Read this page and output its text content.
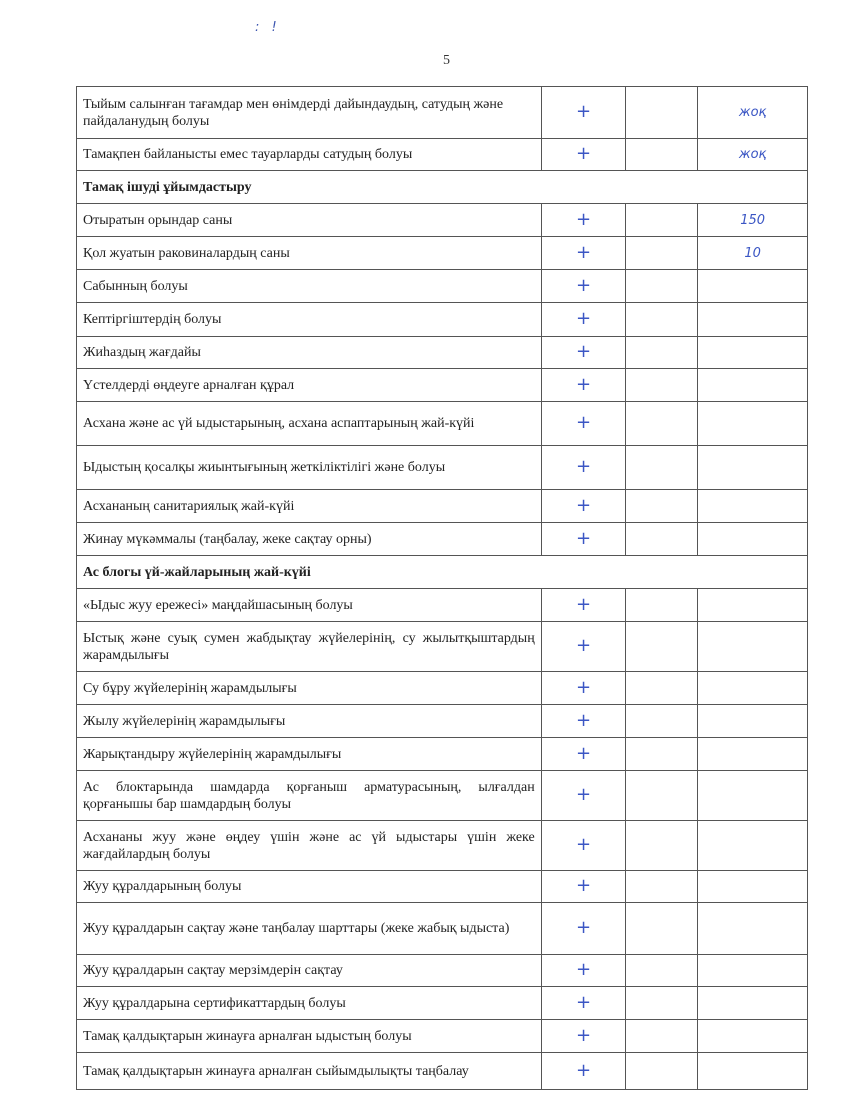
: !
5
Тыйым салынған тағамдар мен өнімдерді дайындаудың, сатудың және пайдаланудың болуы	+		жоқ
Тамақпен байланысты емес тауарларды сатудың болуы	+		жоқ
Тамақ ішуді ұйымдастыру			
Отыратын орындар саны	+		150
Қол жуатын раковиналардың саны	+		10
Сабынның болуы	+		
Кептіргіштердің болуы	+		
Жиһаздың жағдайы	+		
Үстелдерді өңдеуге арналған құрал	+		
Асхана және ас үй ыдыстарының, асхана аспаптарының жай-күйі	+		
Ыдыстың қосалқы жиынтығының жеткіліктілігі және болуы	+		
Асхананың санитариялық жай-күйі	+		
Жинау мүкәммалы (таңбалау, жеке сақтау орны)	+		
Ас блогы үй-жайларының жай-күйі			
«Ыдыс жуу ережесі» маңдайшасының болуы	+		
Ыстық және суық сумен жабдықтау жүйелерінің, су жылытқыштардың жарамдылығы	+		
Су бұру жүйелерінің жарамдылығы	+		
Жылу жүйелерінің жарамдылығы	+		
Жарықтандыру жүйелерінің жарамдылығы	+		
Ас блоктарында шамдарда қорғаныш арматурасының, ылғалдан қорғанышы бар шамдардың болуы	+		
Асхананы жуу және өңдеу үшін және ас үй ыдыстары үшін жеке жағдайлардың болуы	+		
Жуу құралдарының болуы	+		
Жуу құралдарын сақтау және таңбалау шарттары (жеке жабық ыдыста)	+		
Жуу құралдарын сақтау мерзімдерін сақтау	+		
Жуу құралдарына сертификаттардың болуы	+		
Тамақ қалдықтарын жинауға арналған ыдыстың болуы	+		
Тамақ қалдықтарын жинауға арналған сыйымдылықты таңбалау	+		
